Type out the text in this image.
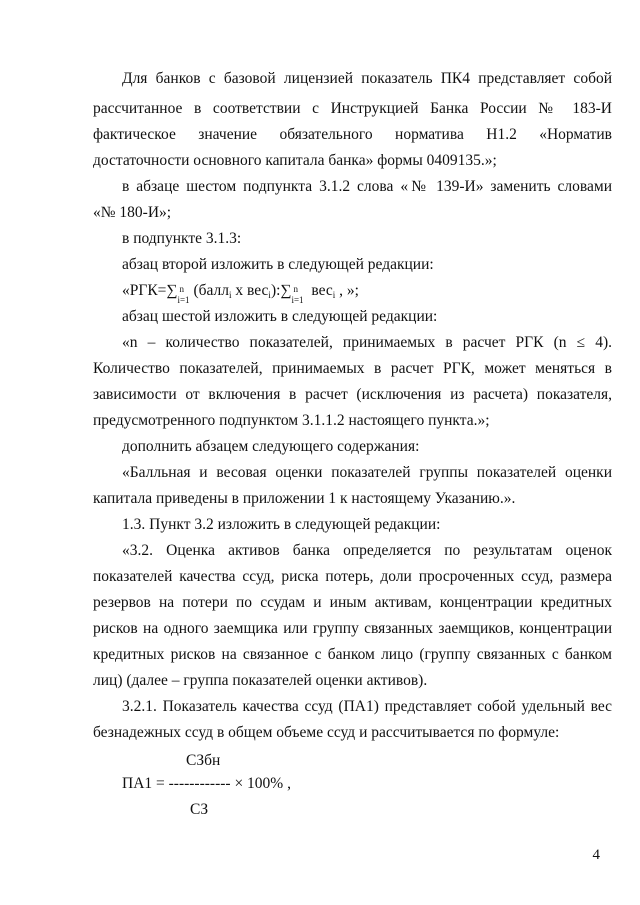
Для банков с базовой лицензией показатель ПК4 представляет собой
рассчитанное в соответствии с Инструкцией Банка России № 183-И
фактическое значение обязательного норматива Н1.2 «Норматив
достаточности основного капитала банка» формы 0409135.»;
в абзаце шестом подпункта 3.1.2 слова «№ 139-И» заменить словами
«№ 180-И»;
в подпункте 3.1.3:
абзац второй изложить в следующей редакции:
абзац шестой изложить в следующей редакции:
«n – количество показателей, принимаемых в расчет РГК (n ≤ 4).
Количество показателей, принимаемых в расчет РГК, может меняться в
зависимости от включения в расчет (исключения из расчета) показателя,
предусмотренного подпунктом 3.1.1.2 настоящего пункта.»;
дополнить абзацем следующего содержания:
«Балльная и весовая оценки показателей группы показателей оценки
капитала приведены в приложении 1 к настоящему Указанию.».
1.3. Пункт 3.2 изложить в следующей редакции:
«3.2. Оценка активов банка определяется по результатам оценок
показателей качества ссуд, риска потерь, доли просроченных ссуд, размера
резервов на потери по ссудам и иным активам, концентрации кредитных
рисков на одного заемщика или группу связанных заемщиков, концентрации
кредитных рисков на связанное с банком лицо (группу связанных с банком
лиц) (далее – группа показателей оценки активов).
3.2.1. Показатель качества ссуд (ПА1) представляет собой удельный вес
безнадежных ссуд в общем объеме ссуд и рассчитывается по формуле:
«РГК=∑ n
i=1
(балл$_i$ x вес$_i$):∑ n
i=1
вес$_i$ , »;
СЗбн
ПА1 = ------------ × 100% ,
СЗ
4
